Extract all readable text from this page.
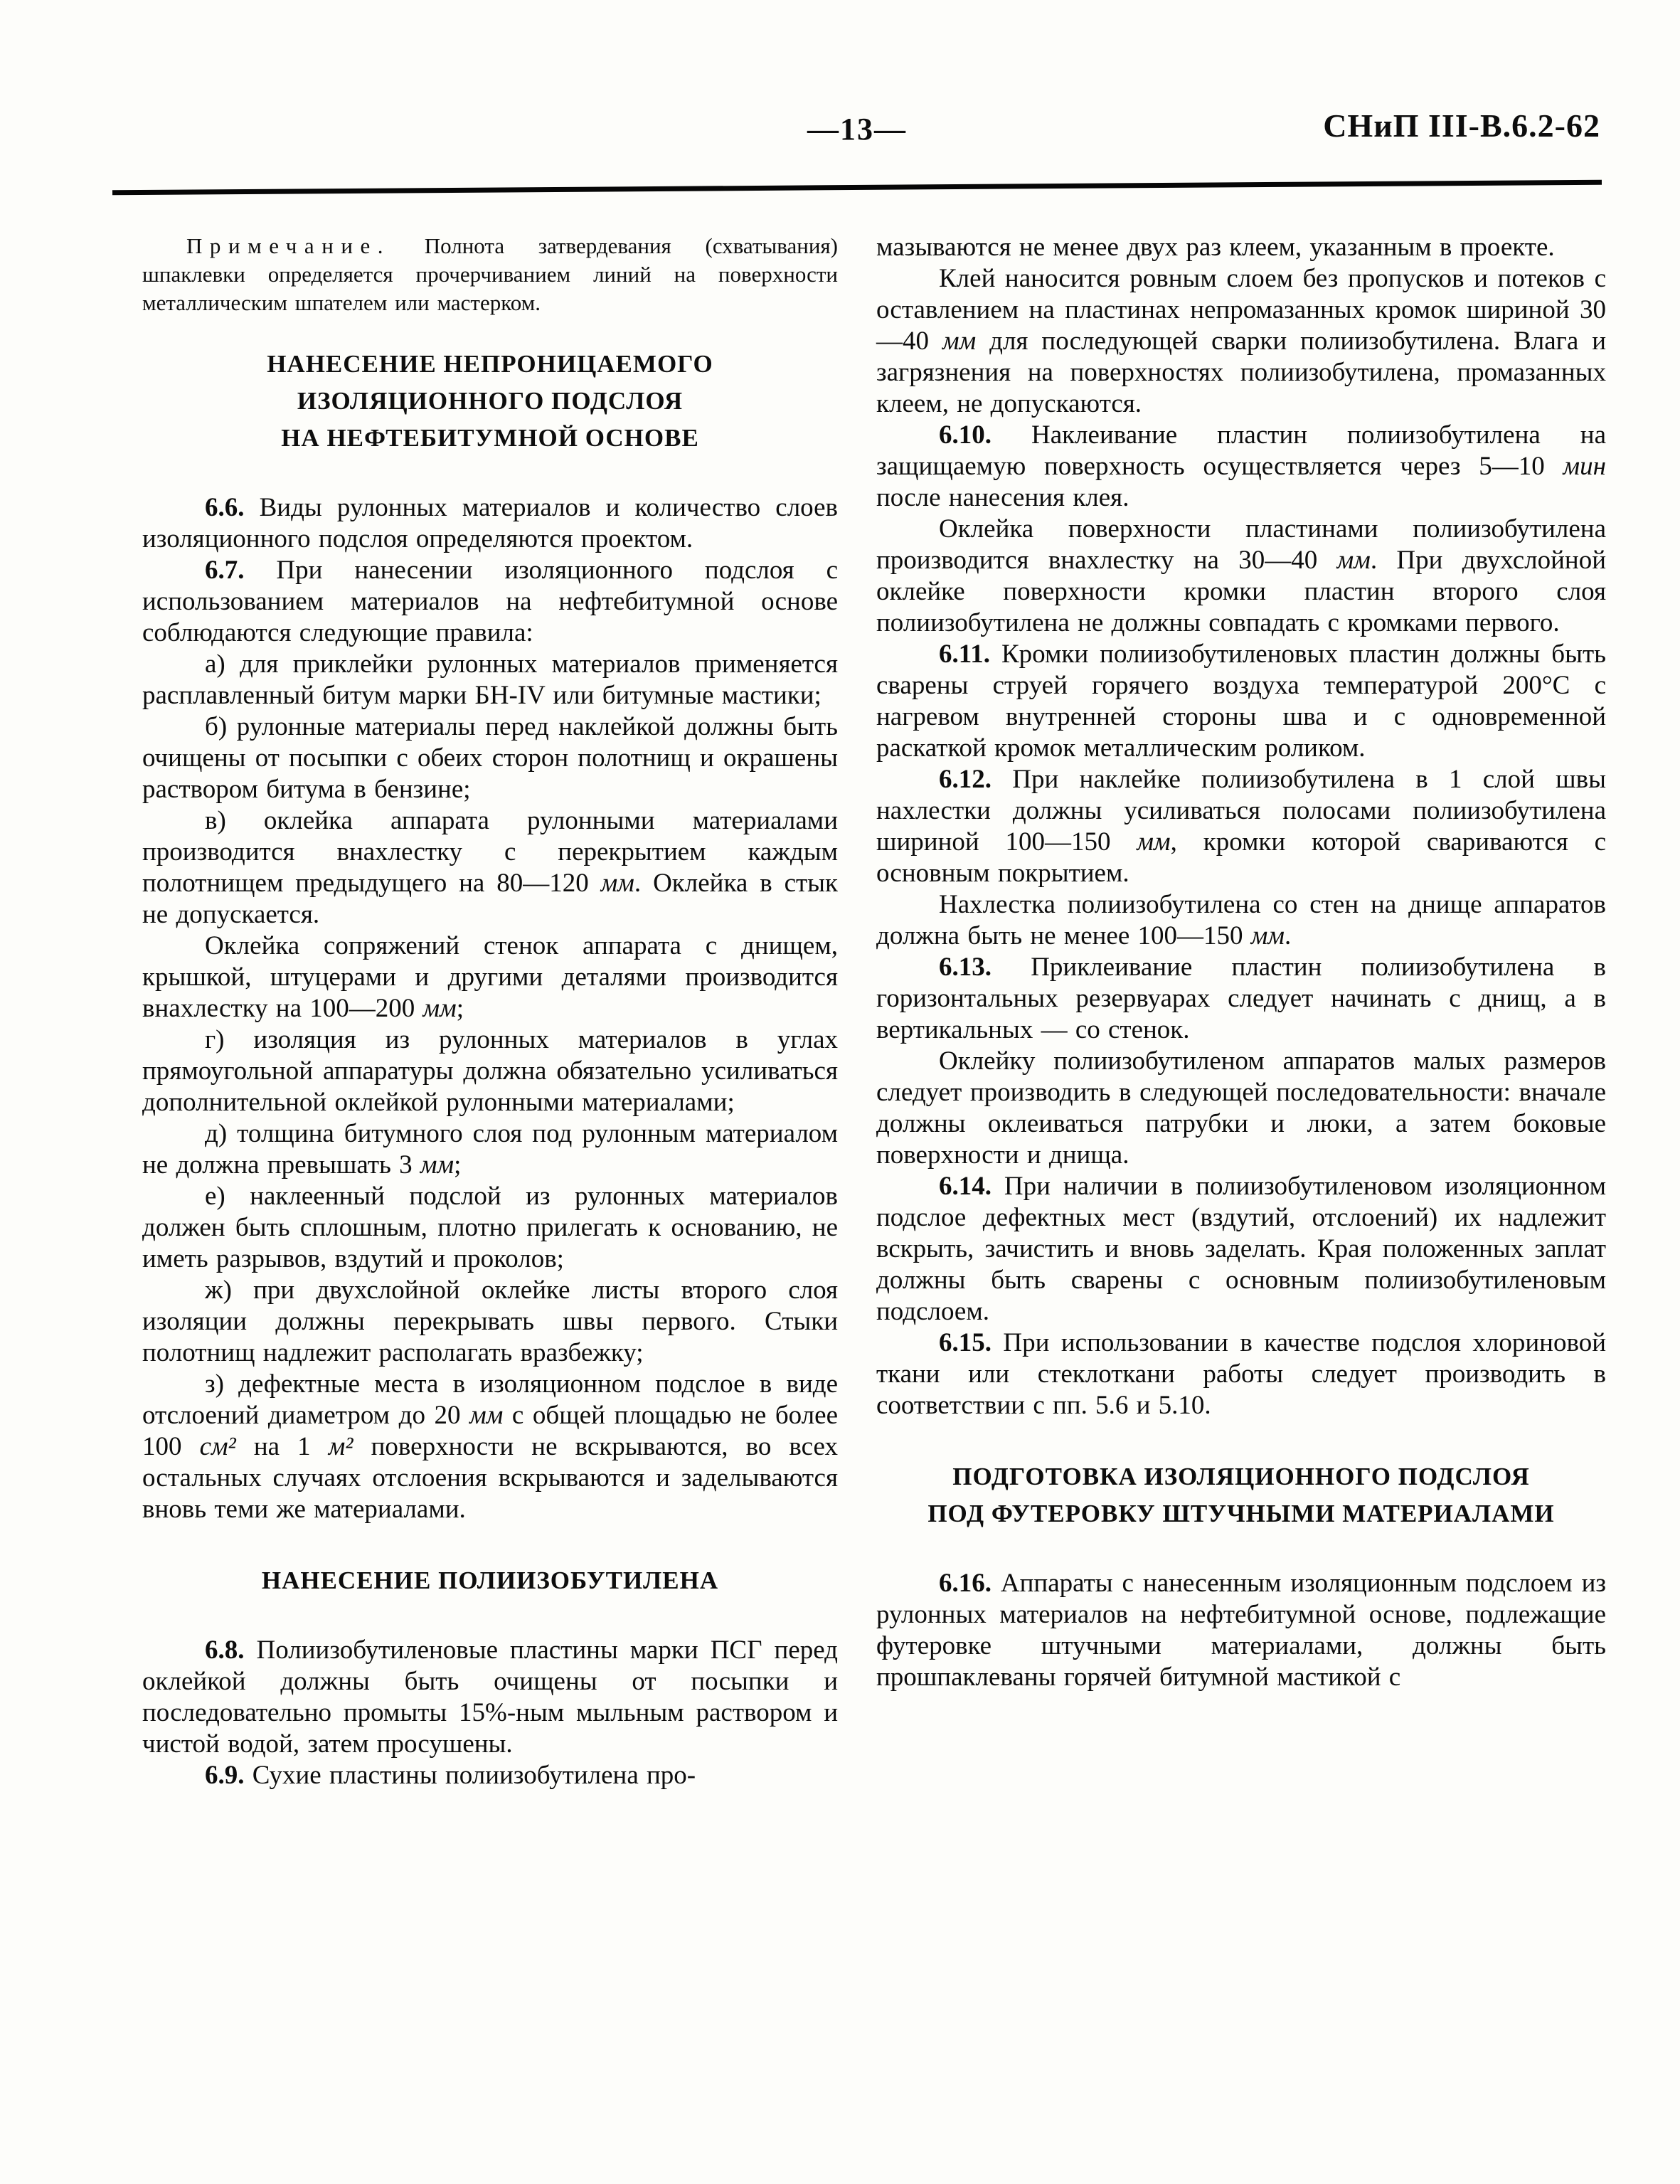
—13—	СНиП III-В.6.2-62

Примечание. Полнота затвердевания (схватывания) шпаклевки определяется прочерчиванием линий на поверхности металлическим шпателем или мастерком.

НАНЕСЕНИЕ НЕПРОНИЦАЕМОГО
ИЗОЛЯЦИОННОГО ПОДСЛОЯ
НА НЕФТЕБИТУМНОЙ ОСНОВЕ

6.6. Виды рулонных материалов и количество слоев изоляционного подслоя определяются проектом.

6.7. При нанесении изоляционного подслоя с использованием материалов на нефтебитумной основе соблюдаются следующие правила:

а) для приклейки рулонных материалов применяется расплавленный битум марки БН-IV или битумные мастики;

б) рулонные материалы перед наклейкой должны быть очищены от посыпки с обеих сторон полотнищ и окрашены раствором битума в бензине;

в) оклейка аппарата рулонными материалами производится внахлестку с перекрытием каждым полотнищем предыдущего на 80—120 мм. Оклейка в стык не допускается.

Оклейка сопряжений стенок аппарата с днищем, крышкой, штуцерами и другими деталями производится внахлестку на 100—200 мм;

г) изоляция из рулонных материалов в углах прямоугольной аппаратуры должна обязательно усиливаться дополнительной оклейкой рулонными материалами;

д) толщина битумного слоя под рулонным материалом не должна превышать 3 мм;

е) наклеенный подслой из рулонных материалов должен быть сплошным, плотно прилегать к основанию, не иметь разрывов, вздутий и проколов;

ж) при двухслойной оклейке листы второго слоя изоляции должны перекрывать швы первого. Стыки полотнищ надлежит располагать вразбежку;

з) дефектные места в изоляционном подслое в виде отслоений диаметром до 20 мм с общей площадью не более 100 см² на 1 м² поверхности не вскрываются, во всех остальных случаях отслоения вскрываются и заделываются вновь теми же материалами.

НАНЕСЕНИЕ ПОЛИИЗОБУТИЛЕНА

6.8. Полиизобутиленовые пластины марки ПСГ перед оклейкой должны быть очищены от посыпки и последовательно промыты 15%-ным мыльным раствором и чистой водой, затем просушены.

6.9. Сухие пластины полиизобутилена про-

мазываются не менее двух раз клеем, указанным в проекте.

Клей наносится ровным слоем без пропусков и потеков с оставлением на пластинах непромазанных кромок шириной 30—40 мм для последующей сварки полиизобутилена. Влага и загрязнения на поверхностях полиизобутилена, промазанных клеем, не допускаются.

6.10. Наклеивание пластин полиизобутилена на защищаемую поверхность осуществляется через 5—10 мин после нанесения клея.

Оклейка поверхности пластинами полиизобутилена производится внахлестку на 30—40 мм. При двухслойной оклейке поверхности кромки пластин второго слоя полиизобутилена не должны совпадать с кромками первого.

6.11. Кромки полиизобутиленовых пластин должны быть сварены струей горячего воздуха температурой 200°С с нагревом внутренней стороны шва и с одновременной раскаткой кромок металлическим роликом.

6.12. При наклейке полиизобутилена в 1 слой швы нахлестки должны усиливаться полосами полиизобутилена шириной 100—150 мм, кромки которой свариваются с основным покрытием.

Нахлестка полиизобутилена со стен на днище аппаратов должна быть не менее 100—150 мм.

6.13. Приклеивание пластин полиизобутилена в горизонтальных резервуарах следует начинать с днищ, а в вертикальных — со стенок.

Оклейку полиизобутиленом аппаратов малых размеров следует производить в следующей последовательности: вначале должны оклеиваться патрубки и люки, а затем боковые поверхности и днища.

6.14. При наличии в полиизобутиленовом изоляционном подслое дефектных мест (вздутий, отслоений) их надлежит вскрыть, зачистить и вновь заделать. Края положенных заплат должны быть сварены с основным полиизобутиленовым подслоем.

6.15. При использовании в качестве подслоя хлориновой ткани или стеклоткани работы следует производить в соответствии с пп. 5.6 и 5.10.

ПОДГОТОВКА ИЗОЛЯЦИОННОГО ПОДСЛОЯ
ПОД ФУТЕРОВКУ ШТУЧНЫМИ МАТЕРИАЛАМИ

6.16. Аппараты с нанесенным изоляционным подслоем из рулонных материалов на нефтебитумной основе, подлежащие футеровке штучными материалами, должны быть прошпаклеваны горячей битумной мастикой с
